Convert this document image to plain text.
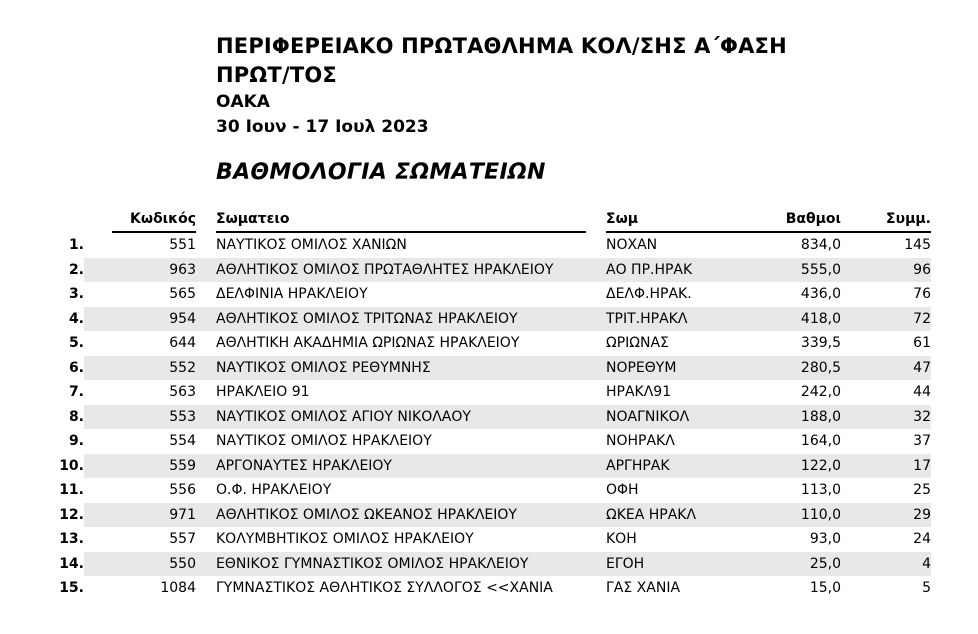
ΠΕΡΙΦΕΡΕΙΑΚΟ ΠΡΩΤΑΘΛΗΜΑ ΚΟΛ/ΣΗΣ Α΄ΦΑΣΗ
ΠΡΩΤ/ΤΟΣ
ΟΑΚΑ
30 Ιουν - 17 Ιουλ 2023
ΒΑΘΜΟΛΟΓΙΑ ΣΩΜΑΤΕΙΩΝ
		Κωδικός		Σωματειο		Σωμ	Βαθμοι	Συμμ.	
1.		551		ΝΑΥΤΙΚΟΣ ΟΜΙΛΟΣ ΧΑΝΙΩΝ		ΝΟΧΑΝ	834,0	145	
2.		963		ΑΘΛΗΤΙΚΟΣ ΟΜΙΛΟΣ ΠΡΩΤΑΘΛΗΤΕΣ ΗΡΑΚΛΕΙΟΥ		ΑΟ ΠΡ.ΗΡΑΚ	555,0	96	
3.		565		ΔΕΛΦΙΝΙΑ ΗΡΑΚΛΕΙΟΥ		ΔΕΛΦ.ΗΡΑΚ.	436,0	76	
4.		954		ΑΘΛΗΤΙΚΟΣ ΟΜΙΛΟΣ ΤΡΙΤΩΝΑΣ ΗΡΑΚΛΕΙΟΥ		ΤΡΙΤ.ΗΡΑΚΛ	418,0	72	
5.		644		ΑΘΛΗΤΙΚΗ ΑΚΑΔΗΜΙΑ ΩΡΙΩΝΑΣ ΗΡΑΚΛΕΙΟΥ		ΩΡΙΩΝΑΣ	339,5	61	
6.		552		ΝΑΥΤΙΚΟΣ ΟΜΙΛΟΣ ΡΕΘΥΜΝΗΣ		ΝΟΡΕΘΥΜ	280,5	47	
7.		563		ΗΡΑΚΛΕΙΟ 91		ΗΡΑΚΛ91	242,0	44	
8.		553		ΝΑΥΤΙΚΟΣ ΟΜΙΛΟΣ ΑΓΙΟΥ ΝΙΚΟΛΑΟΥ		ΝΟΑΓΝΙΚΟΛ	188,0	32	
9.		554		ΝΑΥΤΙΚΟΣ ΟΜΙΛΟΣ ΗΡΑΚΛΕΙΟΥ		ΝΟΗΡΑΚΛ	164,0	37	
10.		559		ΑΡΓΟΝΑΥΤΕΣ ΗΡΑΚΛΕΙΟΥ		ΑΡΓΗΡΑΚ	122,0	17	
11.		556		Ο.Φ. ΗΡΑΚΛΕΙΟΥ		ΟΦΗ	113,0	25	
12.		971		ΑΘΛΗΤΙΚΟΣ ΟΜΙΛΟΣ ΩΚΕΑΝΟΣ ΗΡΑΚΛΕΙΟΥ		ΩΚΕΑ ΗΡΑΚΛ	110,0	29	
13.		557		ΚΟΛΥΜΒΗΤΙΚΟΣ ΟΜΙΛΟΣ ΗΡΑΚΛΕΙΟΥ		ΚΟΗ	93,0	24	
14.		550		ΕΘΝΙΚΟΣ ΓΥΜΝΑΣΤΙΚΟΣ ΟΜΙΛΟΣ ΗΡΑΚΛΕΙΟΥ		ΕΓΟΗ	25,0	4	
15.		1084		ΓΥΜΝΑΣΤΙΚΟΣ ΑΘΛΗΤΙΚΟΣ ΣΥΛΛΟΓΟΣ <<ΧΑΝΙΑ		ΓΑΣ ΧΑΝΙΑ	15,0	5	
